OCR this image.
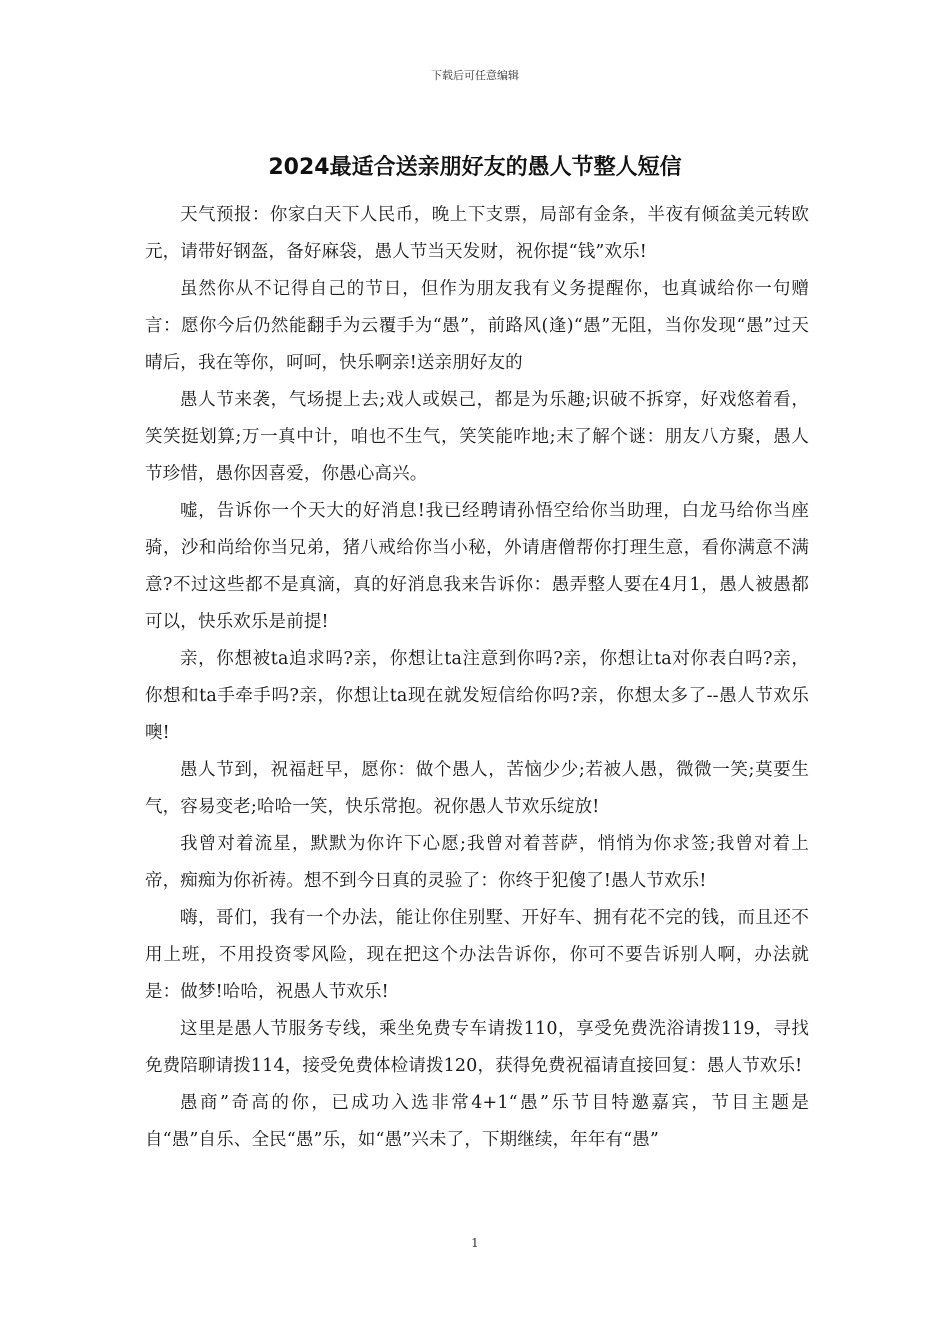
下载后可任意编辑
2024最适合送亲朋好友的愚人节整人短信

天气预报：你家白天下人民币，晚上下支票，局部有金条，半夜有倾盆美元转欧元，请带好钢盔，备好麻袋，愚人节当天发财，祝你提“钱”欢乐!

虽然你从不记得自己的节日，但作为朋友我有义务提醒你，也真诚给你一句赠言：愿你今后仍然能翻手为云覆手为“愚”，前路风(逢)“愚”无阻，当你发现“愚”过天晴后，我在等你，呵呵，快乐啊亲!送亲朋好友的

愚人节来袭，气场提上去;戏人或娱己，都是为乐趣;识破不拆穿，好戏悠着看，笑笑挺划算;万一真中计，咱也不生气，笑笑能咋地;末了解个谜：朋友八方聚，愚人节珍惜，愚你因喜爱，你愚心高兴。

嘘，告诉你一个天大的好消息!我已经聘请孙悟空给你当助理，白龙马给你当座骑，沙和尚给你当兄弟，猪八戒给你当小秘，外请唐僧帮你打理生意，看你满意不满意?不过这些都不是真滴，真的好消息我来告诉你：愚弄整人要在4月1，愚人被愚都可以，快乐欢乐是前提!

亲，你想被ta追求吗?亲，你想让ta注意到你吗?亲，你想让ta对你表白吗?亲，你想和ta手牵手吗?亲，你想让ta现在就发短信给你吗?亲，你想太多了--愚人节欢乐噢!

愚人节到，祝福赶早，愿你：做个愚人，苦恼少少;若被人愚，微微一笑;莫要生气，容易变老;哈哈一笑，快乐常抱。祝你愚人节欢乐绽放!

我曾对着流星，默默为你许下心愿;我曾对着菩萨，悄悄为你求签;我曾对着上帝，痴痴为你祈祷。想不到今日真的灵验了：你终于犯傻了!愚人节欢乐!

嗨，哥们，我有一个办法，能让你住别墅、开好车、拥有花不完的钱，而且还不用上班，不用投资零风险，现在把这个办法告诉你，你可不要告诉别人啊，办法就是：做梦!哈哈，祝愚人节欢乐!

这里是愚人节服务专线，乘坐免费专车请拨110，享受免费洗浴请拨119，寻找免费陪聊请拨114，接受免费体检请拨120，获得免费祝福请直接回复：愚人节欢乐!

愚商”奇高的你，已成功入选非常4+1“愚”乐节目特邀嘉宾，节目主题是自“愚”自乐、全民“愚”乐，如“愚”兴未了，下期继续，年年有“愚”

1
